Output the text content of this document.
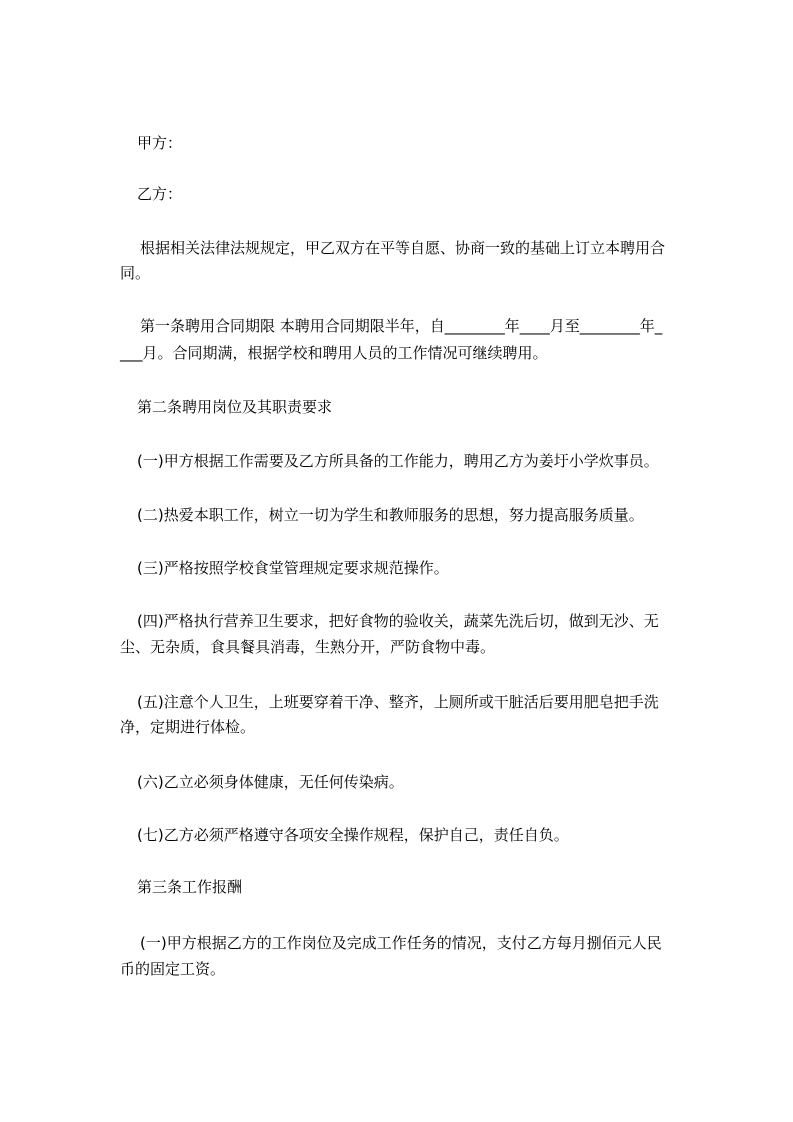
甲方：
乙方：
根据相关法律法规规定，甲乙双方在平等自愿、协商一致的基础上订立本聘用合
同。
第一条聘用合同期限 本聘用合同期限半年，自________年____月至________年_
___月。合同期满，根据学校和聘用人员的工作情况可继续聘用。
第二条聘用岗位及其职责要求
(一)甲方根据工作需要及乙方所具备的工作能力，聘用乙方为姜圩小学炊事员。
(二)热爱本职工作，树立一切为学生和教师服务的思想，努力提高服务质量。
(三)严格按照学校食堂管理规定要求规范操作。
(四)严格执行营养卫生要求，把好食物的验收关，蔬菜先洗后切，做到无沙、无
尘、无杂质，食具餐具消毒，生熟分开，严防食物中毒。
(五)注意个人卫生，上班要穿着干净、整齐，上厕所或干脏活后要用肥皂把手洗
净，定期进行体检。
(六)乙立必须身体健康，无任何传染病。
(七)乙方必须严格遵守各项安全操作规程，保护自己，责任自负。
第三条工作报酬
(一)甲方根据乙方的工作岗位及完成工作任务的情况，支付乙方每月捌佰元人民
币的固定工资。
